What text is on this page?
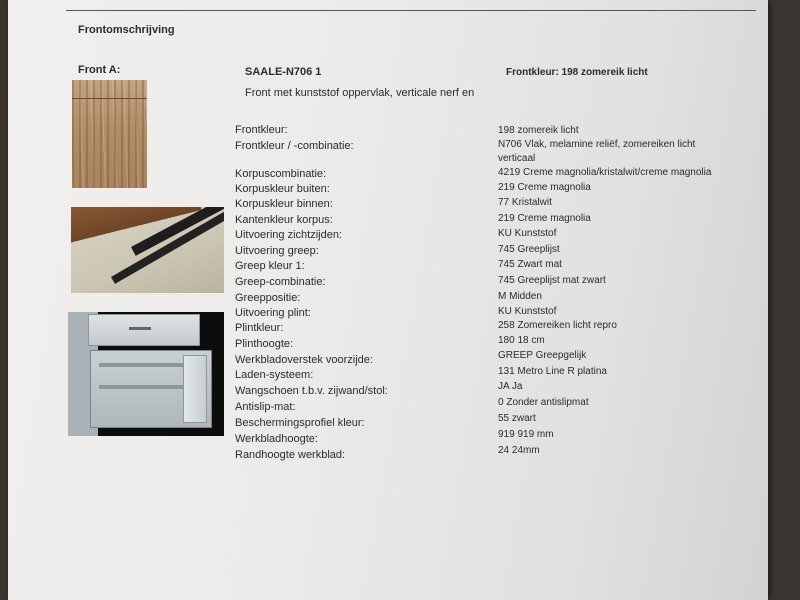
Frontomschrijving
Front A:	SAALE-N706 1
Front met kunststof oppervlak, verticale nerf en
Frontkleur: 198 zomereik licht
Frontkleur:	198 zomereik licht
Frontkleur / -combinatie:	N706 Vlak, melamine reliëf, zomereiken licht
verticaal
Korpuscombinatie:	4219 Creme magnolia/kristalwit/creme magnolia
Korpuskleur buiten:	219 Creme magnolia
Korpuskleur binnen:	77 Kristalwit
Kantenkleur korpus:	219 Creme magnolia
Uitvoering zichtzijden:	KU Kunststof
Uitvoering greep:	745 Greeplijst
Greep kleur 1:	745 Zwart mat
Greep-combinatie:	745 Greeplijst mat zwart
Greeppositie:	M Midden
Uitvoering plint:	KU Kunststof
Plintkleur:	258 Zomereiken licht repro
Plinthoogte:	180 18 cm
Werkbladoverstek voorzijde:	GREEP Greepgelijk
Laden-systeem:	131 Metro Line R platina
Wangschoen t.b.v. zijwand/stol:	JA Ja
Antislip-mat:	0 Zonder antislipmat
Beschermingsprofiel kleur:	55 zwart
Werkbladhoogte:	919 919 mm
Randhoogte werkblad:	24 24mm
